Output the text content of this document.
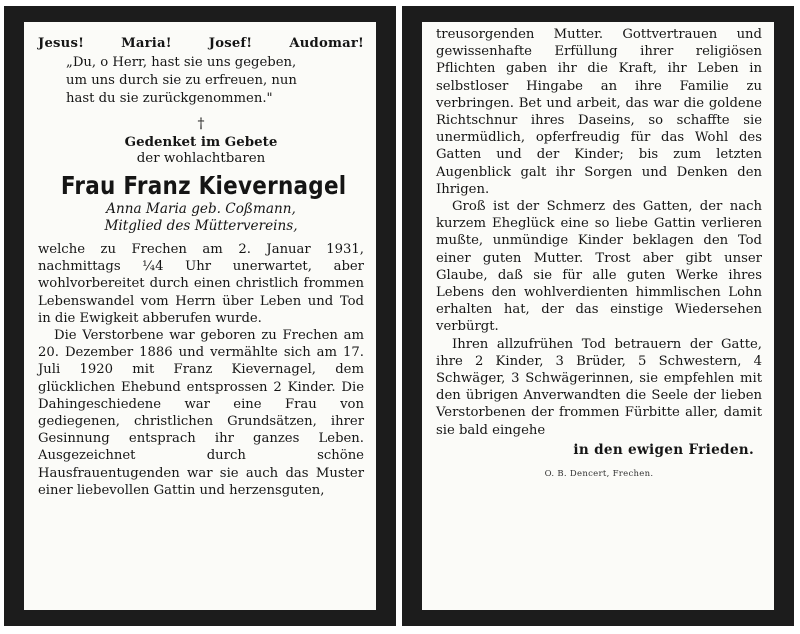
Jesus!	Maria!	Josef!	Audomar!

„Du, o Herr, hast sie uns gegeben,

um uns durch sie zu erfreuen, nun

hast du sie zurückgenommen."

†
Gedenket im Gebete
der wohlachtbaren
Frau Franz Kievernagel
Anna Maria geb. Coßmann,
Mitglied des Müttervereins,

welche zu Frechen am 2. Januar 1931, nachmittags ¼4 Uhr unerwartet, aber wohlvorbereitet durch einen christlich frommen Lebenswandel vom Herrn über Leben und Tod in die Ewigkeit abberufen wurde.

Die Verstorbene war geboren zu Frechen am 20. Dezember 1886 und vermählte sich am 17. Juli 1920 mit Franz Kievernagel, dem glücklichen Ehebund entsprossen 2 Kinder. Die Dahingeschiedene war eine Frau von gediegenen, christlichen Grundsätzen, ihrer Gesinnung entsprach ihr ganzes Leben. Ausgezeichnet durch schöne Hausfrauentugenden war sie auch das Muster einer liebevollen Gattin und herzensguten,

treusorgenden Mutter. Gottvertrauen und gewissenhafte Erfüllung ihrer religiösen Pflichten gaben ihr die Kraft, ihr Leben in selbstloser Hingabe an ihre Familie zu verbringen. Bet und arbeit, das war die goldene Richtschnur ihres Daseins, so schaffte sie unermüdlich, opferfreudig für das Wohl des Gatten und der Kinder; bis zum letzten Augenblick galt ihr Sorgen und Denken den Ihrigen.

Groß ist der Schmerz des Gatten, der nach kurzem Eheglück eine so liebe Gattin verlieren mußte, unmündige Kinder beklagen den Tod einer guten Mutter. Trost aber gibt unser Glaube, daß sie für alle guten Werke ihres Lebens den wohlverdienten himmlischen Lohn erhalten hat, der das einstige Wiedersehen verbürgt.

Ihren allzufrühen Tod betrauern der Gatte, ihre 2 Kinder, 3 Brüder, 5 Schwestern, 4 Schwäger, 3 Schwägerinnen, sie empfehlen mit den übrigen Anverwandten die Seele der lieben Verstorbenen der frommen Fürbitte aller, damit sie bald eingehe

in den ewigen Frieden.
O. B. Dencert, Frechen.
